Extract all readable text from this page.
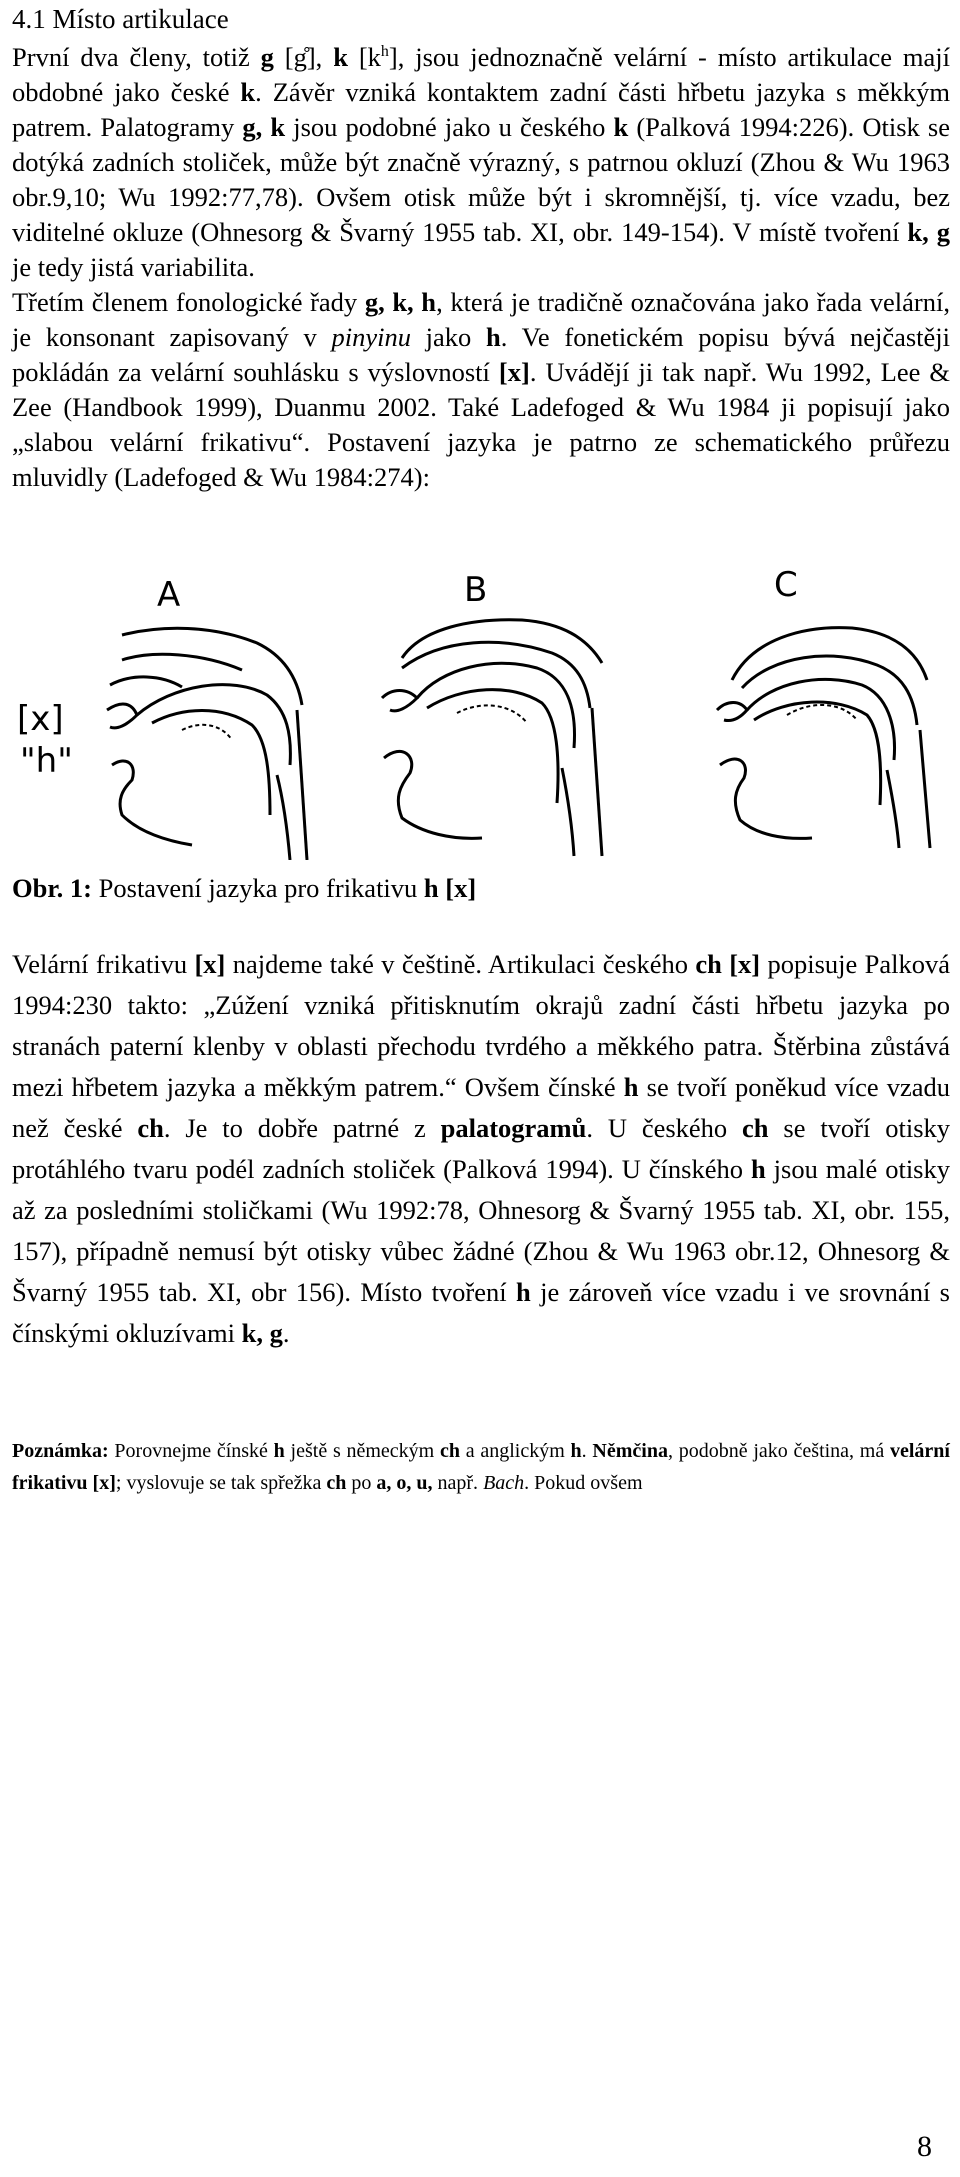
4.1 Místo artikulace
První dva členy, totiž g [g̊], k $[k^h]$, jsou jednoznačně velární - místo artikulace mají obdobné jako české k. Závěr vzniká kontaktem zadní části hřbetu jazyka s měkkým patrem. Palatogramy g, k jsou podobné jako u českého k (Palková 1994:226). Otisk se dotýká zadních stoliček, může být značně výrazný, s patrnou okluzí (Zhou & Wu 1963 obr.9,10; Wu 1992:77,78). Ovšem otisk může být i skromnější, tj. více vzadu, bez viditelné okluze (Ohnesorg & Švarný 1955 tab. XI, obr. 149-154). V místě tvoření k, g je tedy jistá variabilita.
Třetím členem fonologické řady g, k, h, která je tradičně označována jako řada velární, je konsonant zapisovaný v pinyinu jako h. Ve fonetickém popisu bývá nejčastěji pokládán za velární souhlásku s výslovností [x]. Uvádějí ji tak např. Wu 1992, Lee & Zee (Handbook 1999), Duanmu 2002. Také Ladefoged & Wu 1984 ji popisují jako „slabou velární frikativu“. Postavení jazyka je patrno ze schematického průřezu mluvidly (Ladefoged & Wu 1984:274):
A	B	C
[x]
"h"
Obr. 1: Postavení jazyka pro frikativu h [x]
Velární frikativu [x] najdeme také v češtině. Artikulaci českého ch [x] popisuje Palková 1994:230 takto: „Zúžení vzniká přitisknutím okrajů zadní části hřbetu jazyka po stranách paterní klenby v oblasti přechodu tvrdého a měkkého patra. Štěrbina zůstává mezi hřbetem jazyka a měkkým patrem.“ Ovšem čínské h se tvoří poněkud více vzadu než české ch. Je to dobře patrné z palatogramů. U českého ch se tvoří otisky protáhlého tvaru podél zadních stoliček (Palková 1994). U čínského h jsou malé otisky až za posledními stoličkami (Wu 1992:78, Ohnesorg & Švarný 1955 tab. XI, obr. 155, 157), případně nemusí být otisky vůbec žádné (Zhou & Wu 1963 obr.12, Ohnesorg & Švarný 1955 tab. XI, obr 156). Místo tvoření h je zároveň více vzadu i ve srovnání s čínskými okluzívami k, g.
Poznámka: Porovnejme čínské h ještě s německým ch a anglickým h. Němčina, podobně jako čeština, má velární frikativu [x]; vyslovuje se tak spřežka ch po a, o, u, např. Bach. Pokud ovšem
8
